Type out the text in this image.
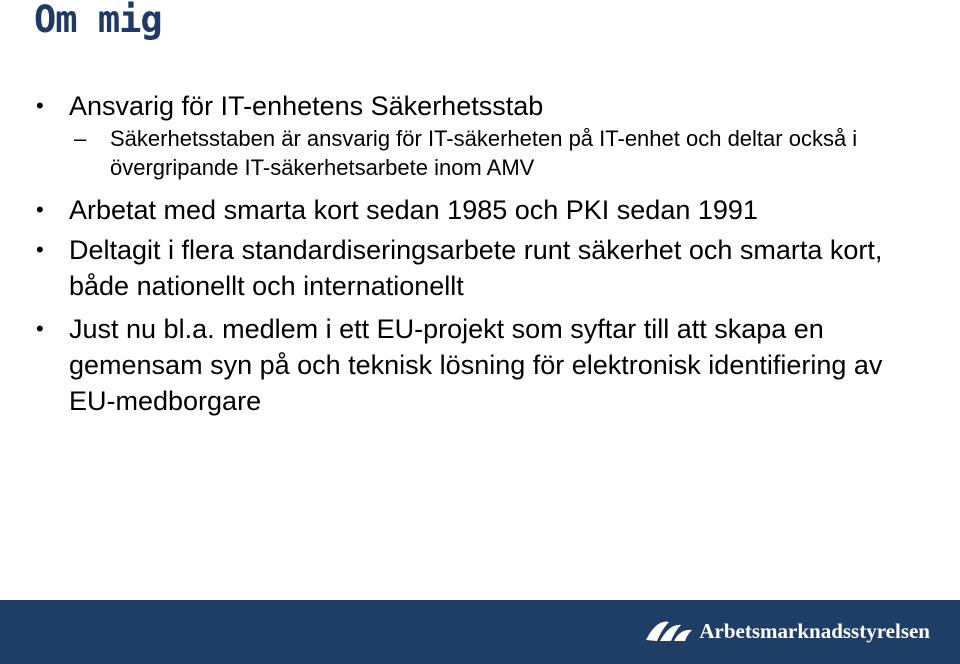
Om mig
• Ansvarig för IT-enhetens Säkerhetsstab
– Säkerhetsstaben är ansvarig för IT-säkerheten på IT-enhet och deltar också i övergripande IT-säkerhetsarbete inom AMV
• Arbetat med smarta kort sedan 1985 och PKI sedan 1991
• Deltagit i flera standardiseringsarbete runt säkerhet och smarta kort, både nationellt och internationellt
• Just nu bl.a. medlem i ett EU-projekt som syftar till att skapa en gemensam syn på och teknisk lösning för elektronisk identifiering av EU-medborgare
Arbetsmarknadsstyrelsen
